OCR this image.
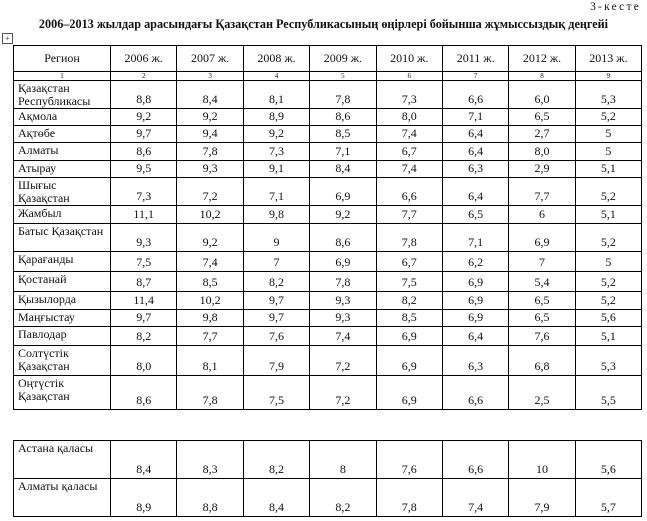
3-кесте
2006–2013 жылдар арасындағы Қазақстан Республикасының өңірлері бойынша жұмыссыздық деңгейі
+
Регион	2006 ж.	2007 ж.	2008 ж.	2009 ж.	2010 ж.	2011 ж.	2012 ж.	2013 ж.
1	2	3	4	5	6	7	8	9
Қазақстан Республикасы	8,8	8,4	8,1	7,8	7,3	6,6	6,0	5,3
Ақмола	9,2	9,2	8,9	8,6	8,0	7,1	6,5	5,2
Ақтөбе	9,7	9,4	9,2	8,5	7,4	6,4	2,7	5
Алматы	8,6	7,8	7,3	7,1	6,7	6,4	8,0	5
Атырау	9,5	9,3	9,1	8,4	7,4	6,3	2,9	5,1
Шығыс Қазақстан	7,3	7,2	7,1	6,9	6,6	6,4	7,7	5,2
Жамбыл	11,1	10,2	9,8	9,2	7,7	6,5	6	5,1
Батыс Қазақстан	9,3	9,2	9	8,6	7,8	7,1	6,9	5,2
Қарағанды	7,5	7,4	7	6,9	6,7	6,2	7	5
Қостанай	8,7	8,5	8,2	7,8	7,5	6,9	5,4	5,2
Қызылорда	11,4	10,2	9,7	9,3	8,2	6,9	6,5	5,2
Маңғыстау	9,7	9,8	9,7	9,3	8,5	6,9	6,5	5,6
Павлодар	8,2	7,7	7,6	7,4	6,9	6,4	7,6	5,1
Солтүстік Қазақстан	8,0	8,1	7,9	7,2	6,9	6,3	6,8	5,3
Оңтүстік Қазақстан	8,6	7,8	7,5	7,2	6,9	6,6	2,5	5,5
Астана қаласы	8,4	8,3	8,2	8	7,6	6,6	10	5,6
Алматы қаласы	8,9	8,8	8,4	8,2	7,8	7,4	7,9	5,7
